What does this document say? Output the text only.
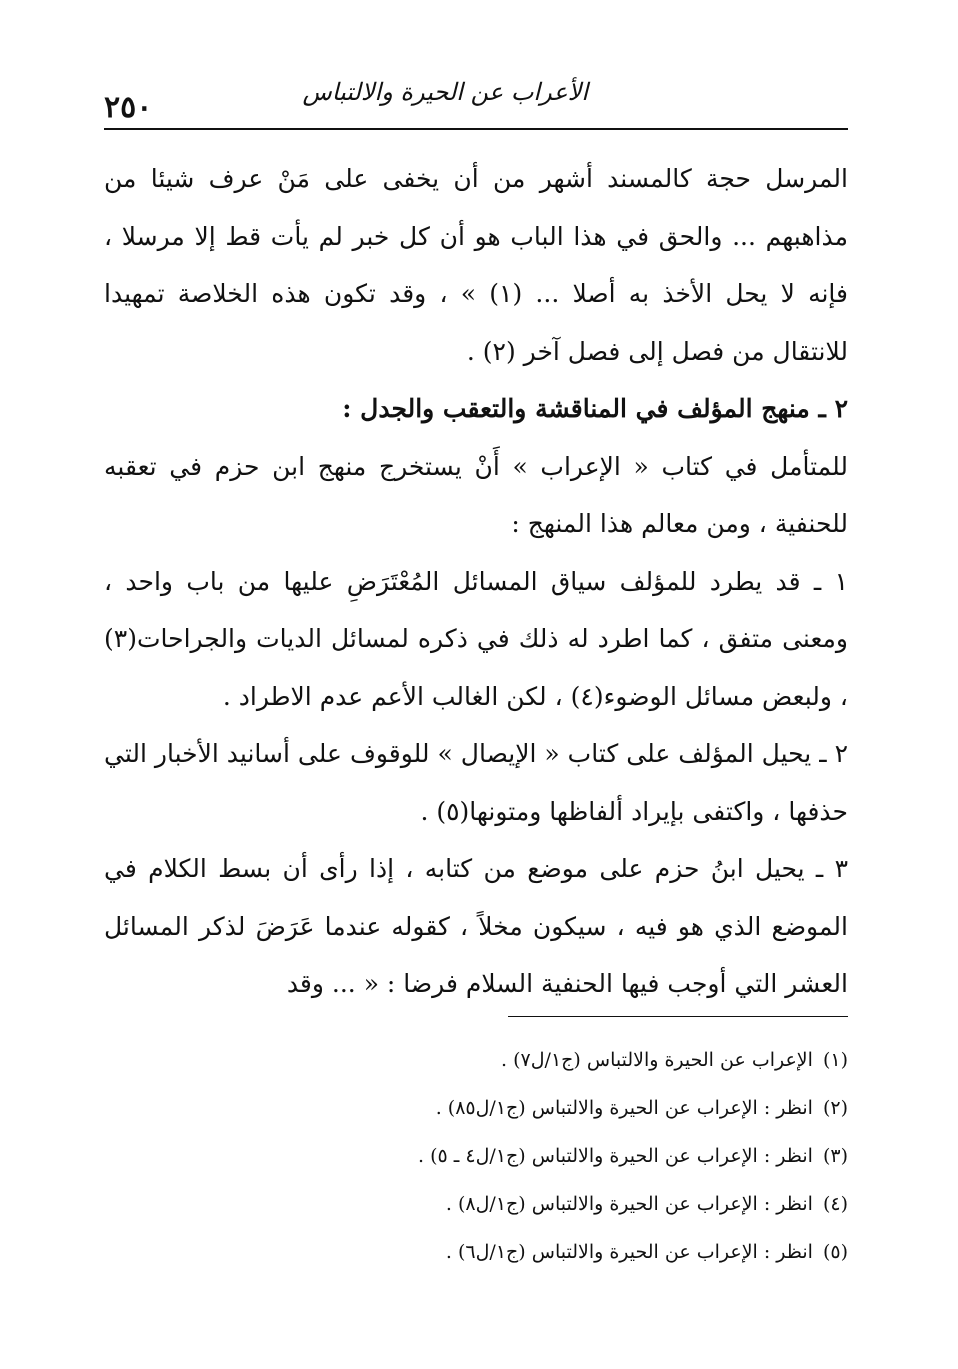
٢٥٠	الأعراب عن الحيرة والالتباس

المرسل حجة كالمسند أشهر من أن يخفى على مَنْ عرف شيئا من مذاهبهم ... والحق في هذا الباب هو أن كل خبر لم يأت قط إلا مرسلا ، فإنه لا يحل الأخذ به أصلا ... (١) » ، وقد تكون هذه الخلاصة تمهيدا للانتقال من فصل إلى فصل آخر (٢) .

٢ ـ منهج المؤلف في المناقشة والتعقب والجدل :

للمتأمل في كتاب « الإعراب » أَنْ يستخرج منهج ابن حزم في تعقبه للحنفية ، ومن معالم هذا المنهج :

١ ـ قد يطرد للمؤلف سياق المسائل المُعْتَرَضِ عليها من باب واحد ، ومعنى متفق ، كما اطرد له ذلك في ذكره لمسائل الديات والجراحات(٣) ، ولبعض مسائل الوضوء(٤) ، لكن الغالب الأعم عدم الاطراد .

٢ ـ يحيل المؤلف على كتاب « الإيصال » للوقوف على أسانيد الأخبار التي حذفها ، واكتفى بإيراد ألفاظها ومتونها(٥) .

٣ ـ يحيل ابنُ حزم على موضع من كتابه ، إذا رأى أن بسط الكلام في الموضع الذي هو فيه ، سيكون مخلاً ، كقوله عندما عَرَضَ لذكر المسائل العشر التي أوجب فيها الحنفية السلام فرضا : « ... وقد

(١)الإعراب عن الحيرة والالتباس (ج١/ل٧) .
(٢)انظر : الإعراب عن الحيرة والالتباس (ج١/ل٨٥) .
(٣)انظر : الإعراب عن الحيرة والالتباس (ج١/ل٤ ـ ٥) .
(٤)انظر : الإعراب عن الحيرة والالتباس (ج١/ل٨) .
(٥)انظر : الإعراب عن الحيرة والالتباس (ج١/ل٦) .
